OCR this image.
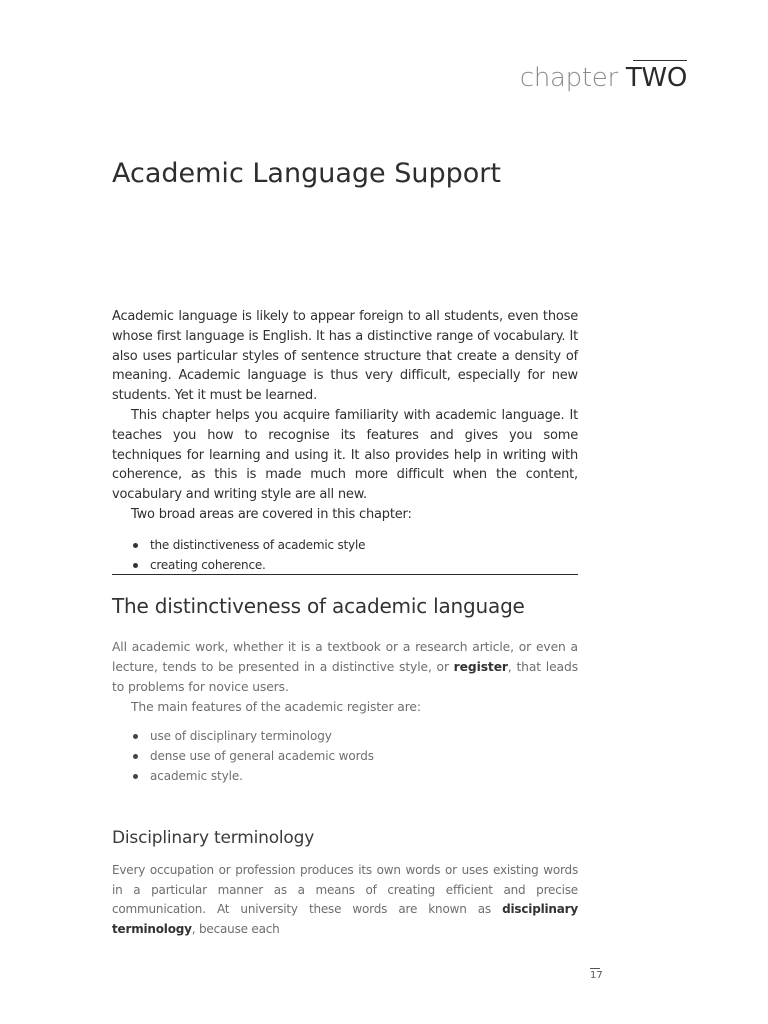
chapter TWO
Academic Language Support

Academic language is likely to appear foreign to all students, even those whose first language is English. It has a distinctive range of vocabulary. It also uses particular styles of sentence structure that create a density of meaning. Academic language is thus very difficult, especially for new students. Yet it must be learned.

This chapter helps you acquire familiarity with academic language. It teaches you how to recognise its features and gives you some techniques for learning and using it. It also provides help in writing with coherence, as this is made much more difficult when the content, vocabulary and writing style are all new.

Two broad areas are covered in this chapter:

the distinctiveness of academic style
creating coherence.
The distinctiveness of academic language

All academic work, whether it is a textbook or a research article, or even a lecture, tends to be presented in a distinctive style, or register, that leads to problems for novice users.

The main features of the academic register are:

use of disciplinary terminology
dense use of general academic words
academic style.
Disciplinary terminology

Every occupation or profession produces its own words or uses existing words in a particular manner as a means of creating efficient and precise communication. At university these words are known as disciplinary terminology, because each

17
